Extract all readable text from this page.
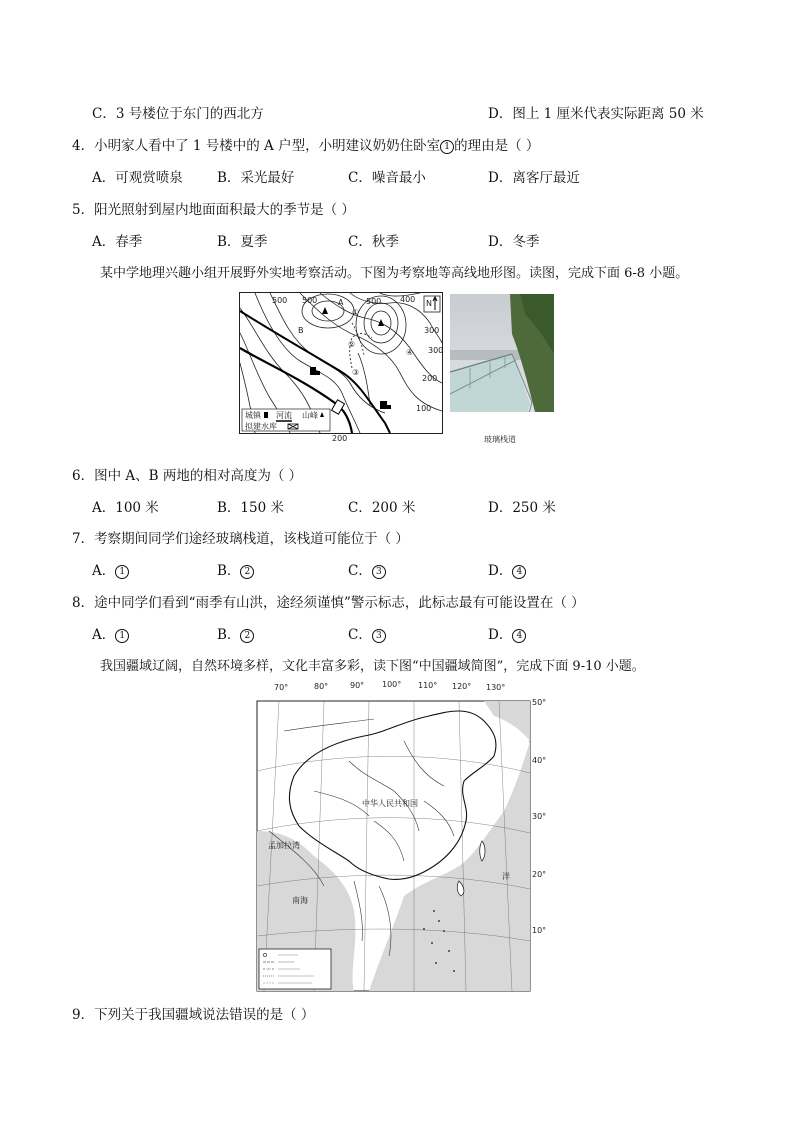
C．3 号楼位于东门的西北方	D．图上 1 厘米代表实际距离 50 米
4．小明家人看中了 1 号楼中的 A 户型，小明建议奶奶住卧室 1 的理由是（ ）
A．可观赏喷泉	B．采光最好	C．噪音最小	D．离客厅最近
5．阳光照射到屋内地面面积最大的季节是（ ）
A．春季	B．夏季	C．秋季	D．冬季
某中学地理兴趣小组开展野外实地考察活动。下图为考察地等高线地形图。读图，完成下面 6-8 小题。
N
500 500	500 400
300
300
200
200
100
A
B
①
②
③
④
城镇 河流 山峰
拟建水库
玻璃栈道
6．图中 A、B 两地的相对高度为（ ）
A．100 米	B．150 米	C．200 米	D．250 米
7．考察期间同学们途经玻璃栈道，该栈道可能位于（ ）
A． 1	B． 2	C． 3	D． 4
8．途中同学们看到“雨季有山洪，途经须谨慎”警示标志，此标志最有可能设置在（ ）
A． 1	B． 2	C． 3	D． 4
我国疆域辽阔，自然环境多样，文化丰富多彩，读下图“中国疆域简图”，完成下面 9-10 小题。
中华人民共和国
孟加拉湾
南海
洋
70°	80°	90° 100° 110° 120° 130°
50°
40°
30°
20°
10°
9．下列关于我国疆域说法错误的是（ ）
